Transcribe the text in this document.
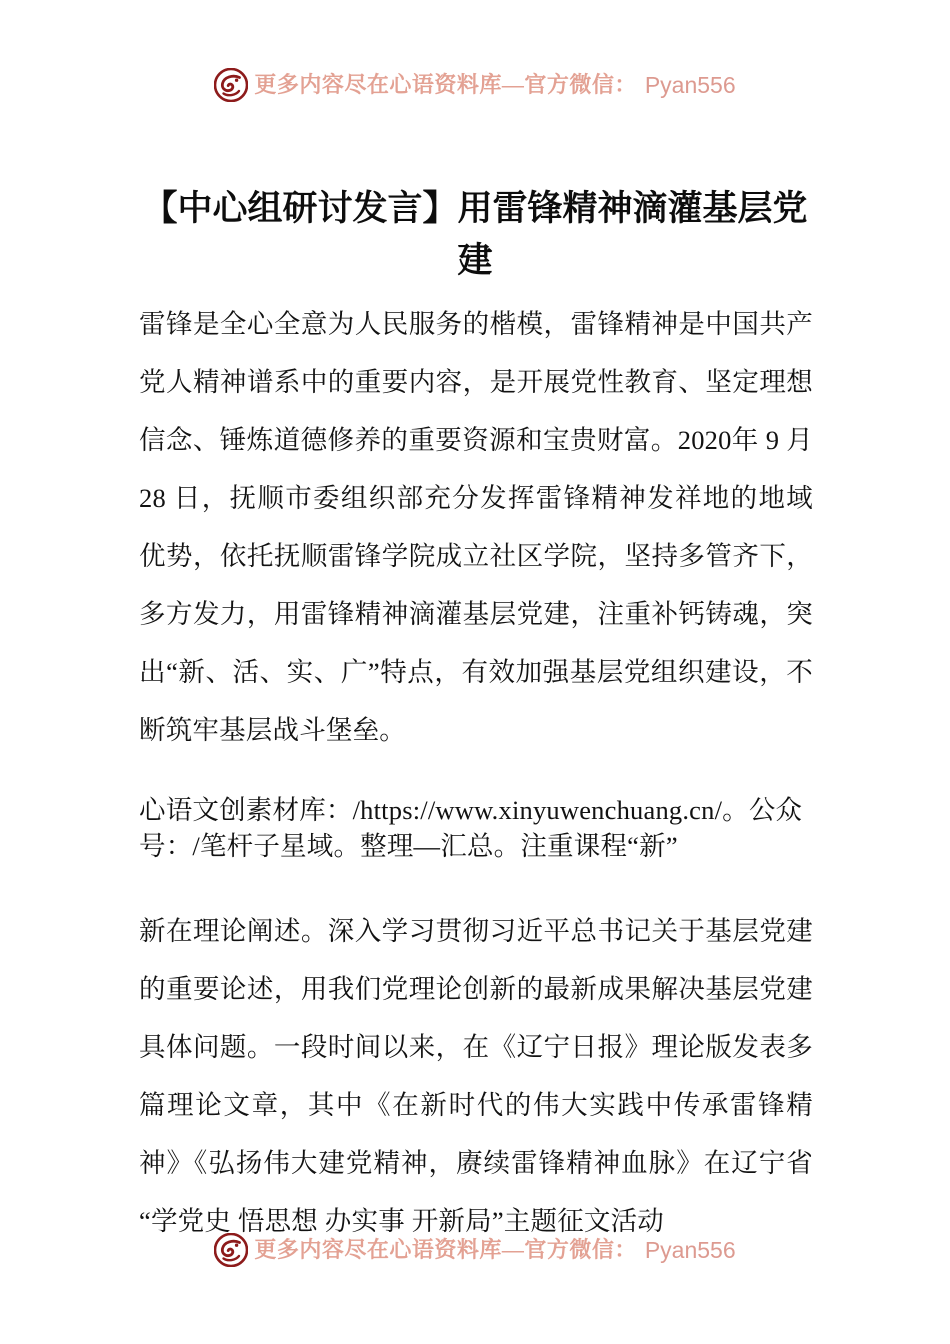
更多内容尽在心语资料库—官方微信： Pyan556
【中心组研讨发言】用雷锋精神滴灌基层党建

雷锋是全心全意为人民服务的楷模，雷锋精神是中国共产党人精神谱系中的重要内容，是开展党性教育、坚定理想信念、锤炼道德修养的重要资源和宝贵财富。2020年 9 月 28 日，抚顺市委组织部充分发挥雷锋精神发祥地的地域优势，依托抚顺雷锋学院成立社区学院，坚持多管齐下，多方发力，用雷锋精神滴灌基层党建，注重补钙铸魂，突出“新、活、实、广”特点，有效加强基层党组织建设，不断筑牢基层战斗堡垒。

心语文创素材库：/https://www.xinyuwenchuang.cn/。公众号：/笔杆子星域。整理—汇总。注重课程“新”

新在理论阐述。深入学习贯彻习近平总书记关于基层党建的重要论述，用我们党理论创新的最新成果解决基层党建具体问题。一段时间以来，在《辽宁日报》理论版发表多篇理论文章，其中《在新时代的伟大实践中传承雷锋精神》《弘扬伟大建党精神，赓续雷锋精神血脉》在辽宁省“学党史 悟思想 办实事 开新局”主题征文活动

更多内容尽在心语资料库—官方微信： Pyan556
